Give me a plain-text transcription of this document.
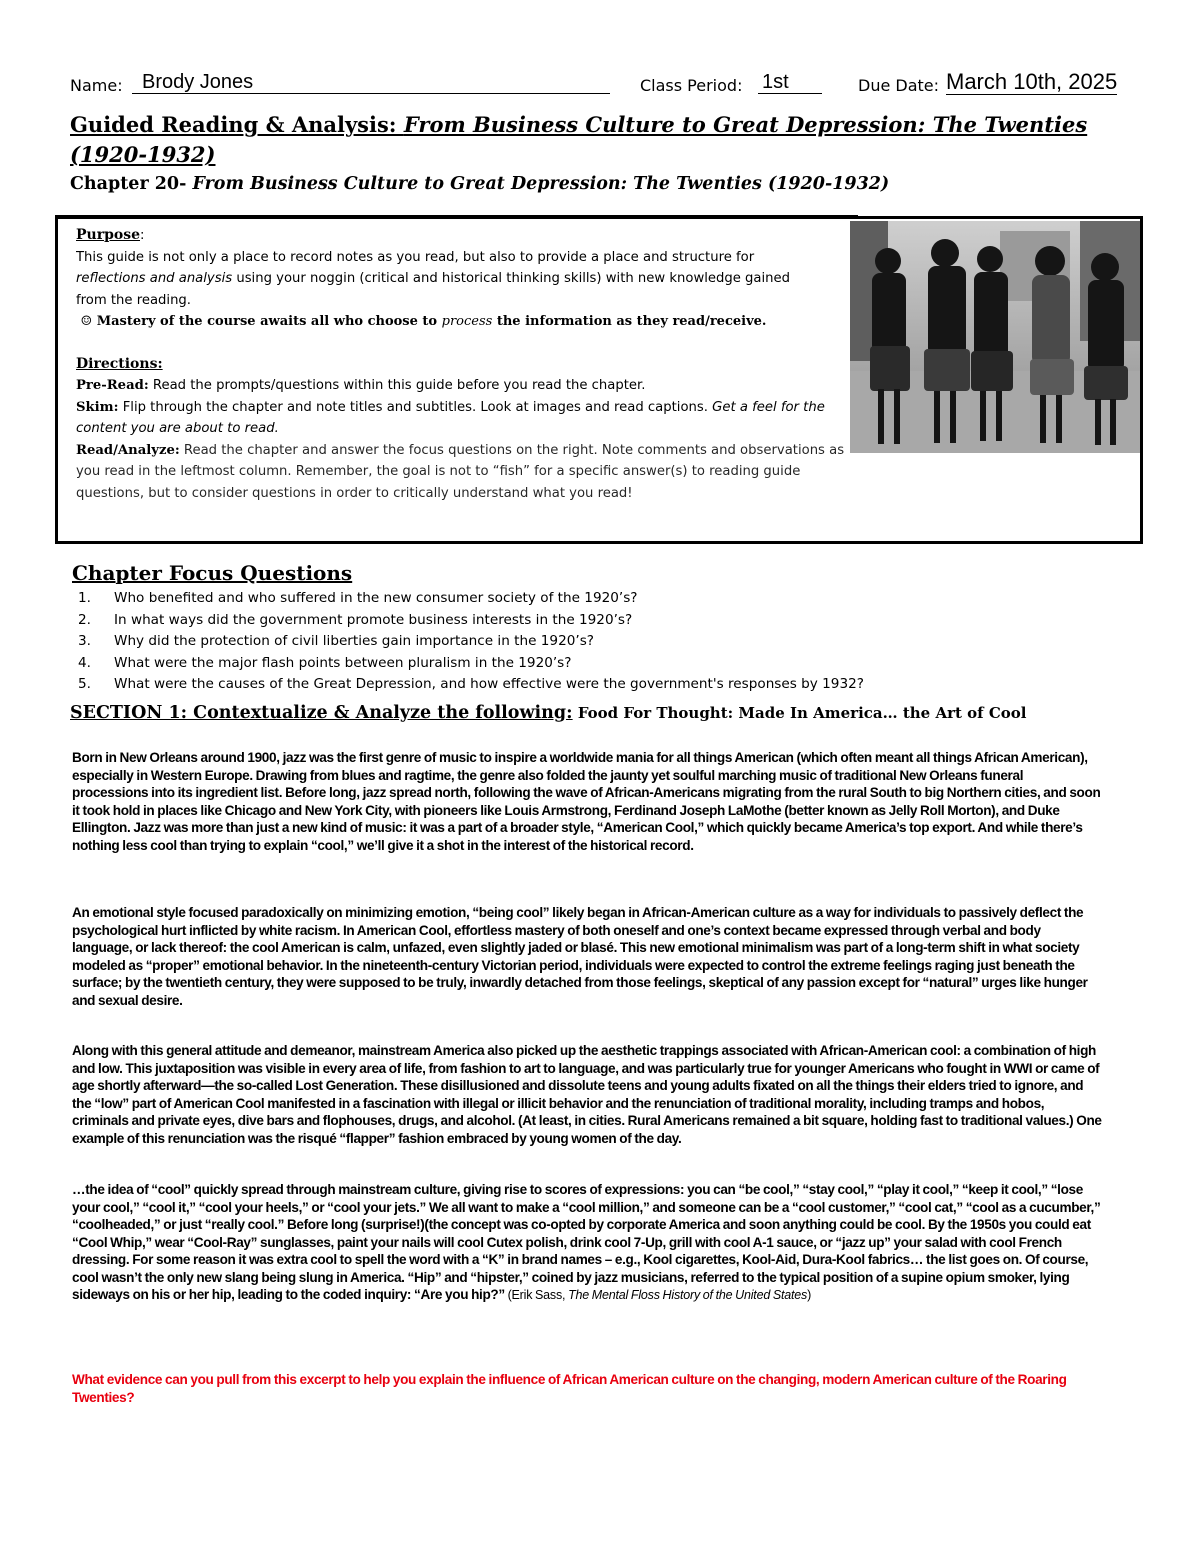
Name: Brody Jones	Class Period: 1st	Due Date: March 10th, 2025
Guided Reading & Analysis: From Business Culture to Great Depression: The Twenties (1920-1932)
Chapter 20- From Business Culture to Great Depression: The Twenties (1920-1932)
Purpose:
This guide is not only a place to record notes as you read, but also to provide a place and structure for
reflections and analysis using your noggin (critical and historical thinking skills) with new knowledge gained
from the reading.
☺ Mastery of the course awaits all who choose to process the information as they read/receive.
Directions:
Pre-Read: Read the prompts/questions within this guide before you read the chapter.
Skim: Flip through the chapter and note titles and subtitles. Look at images and read captions. Get a feel for the content you are about to read.
Read/Analyze: Read the chapter and answer the focus questions on the right. Note comments and observations as you read in the leftmost column. Remember, the goal is not to “fish” for a specific answer(s) to reading guide questions, but to consider questions in order to critically understand what you read!
Chapter Focus Questions
1. Who benefited and who suffered in the new consumer society of the 1920’s?
2. In what ways did the government promote business interests in the 1920’s?
3. Why did the protection of civil liberties gain importance in the 1920’s?
4. What were the major flash points between pluralism in the 1920’s?
5. What were the causes of the Great Depression, and how effective were the government's responses by 1932?
SECTION 1: Contextualize & Analyze the following: Food For Thought: Made In America… the Art of Cool
Born in New Orleans around 1900, jazz was the first genre of music to inspire a worldwide mania for all things American (which often meant all things African American), especially in Western Europe. Drawing from blues and ragtime, the genre also folded the jaunty yet soulful marching music of traditional New Orleans funeral processions into its ingredient list. Before long, jazz spread north, following the wave of African-Americans migrating from the rural South to big Northern cities, and soon it took hold in places like Chicago and New York City, with pioneers like Louis Armstrong, Ferdinand Joseph LaMothe (better known as Jelly Roll Morton), and Duke Ellington. Jazz was more than just a new kind of music: it was a part of a broader style, “American Cool,” which quickly became America’s top export. And while there’s nothing less cool than trying to explain “cool,” we’ll give it a shot in the interest of the historical record.
An emotional style focused paradoxically on minimizing emotion, “being cool” likely began in African-American culture as a way for individuals to passively deflect the psychological hurt inflicted by white racism. In American Cool, effortless mastery of both oneself and one’s context became expressed through verbal and body language, or lack thereof: the cool American is calm, unfazed, even slightly jaded or blasé. This new emotional minimalism was part of a long-term shift in what society modeled as “proper” emotional behavior. In the nineteenth-century Victorian period, individuals were expected to control the extreme feelings raging just beneath the surface; by the twentieth century, they were supposed to be truly, inwardly detached from those feelings, skeptical of any passion except for “natural” urges like hunger and sexual desire.
Along with this general attitude and demeanor, mainstream America also picked up the aesthetic trappings associated with African-American cool: a combination of high and low. This juxtaposition was visible in every area of life, from fashion to art to language, and was particularly true for younger Americans who fought in WWI or came of age shortly afterward—the so-called Lost Generation. These disillusioned and dissolute teens and young adults fixated on all the things their elders tried to ignore, and the “low” part of American Cool manifested in a fascination with illegal or illicit behavior and the renunciation of traditional morality, including tramps and hobos, criminals and private eyes, dive bars and flophouses, drugs, and alcohol. (At least, in cities. Rural Americans remained a bit square, holding fast to traditional values.) One example of this renunciation was the risqué “flapper” fashion embraced by young women of the day.
…the idea of “cool” quickly spread through mainstream culture, giving rise to scores of expressions: you can “be cool,” “stay cool,” “play it cool,” “keep it cool,” “lose your cool,” “cool it,” “cool your heels,” or “cool your jets.” We all want to make a “cool million,” and someone can be a “cool customer,” “cool cat,” “cool as a cucumber,” “coolheaded,” or just “really cool.” Before long (surprise!)(the concept was co-opted by corporate America and soon anything could be cool. By the 1950s you could eat “Cool Whip,” wear “Cool-Ray” sunglasses, paint your nails will cool Cutex polish, drink cool 7-Up, grill with cool A-1 sauce, or “jazz up” your salad with cool French dressing. For some reason it was extra cool to spell the word with a “K” in brand names – e.g., Kool cigarettes, Kool-Aid, Dura-Kool fabrics… the list goes on. Of course, cool wasn’t the only new slang being slung in America. “Hip” and “hipster,” coined by jazz musicians, referred to the typical position of a supine opium smoker, lying sideways on his or her hip, leading to the coded inquiry: “Are you hip?” (Erik Sass, The Mental Floss History of the United States)
What evidence can you pull from this excerpt to help you explain the influence of African American culture on the changing, modern American culture of the Roaring Twenties?
